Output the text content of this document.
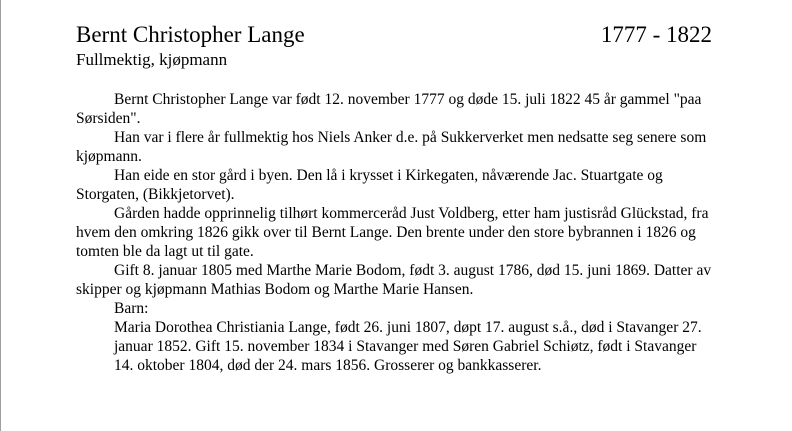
Bernt Christopher Lange	1777 - 1822
Fullmektig, kjøpmann

Bernt Christopher Lange var født 12. november 1777 og døde 15. juli 1822 45 år gammel "paa Sørsiden".

Han var i flere år fullmektig hos Niels Anker d.e. på Sukkerverket men nedsatte seg senere som kjøpmann.

Han eide en stor gård i byen. Den lå i krysset i Kirkegaten, nåværende Jac. Stuartgate og Storgaten, (Bikkjetorvet).

Gården hadde opprinnelig tilhørt kommerceråd Just Voldberg, etter ham justisråd Glückstad, fra hvem den omkring 1826 gikk over til Bernt Lange. Den brente under den store bybrannen i 1826 og tomten ble da lagt ut til gate.

Gift 8. januar 1805 med Marthe Marie Bodom, født 3. august 1786, død 15. juni 1869. Datter av skipper og kjøpmann Mathias Bodom og Marthe Marie Hansen.

Barn:

Maria Dorothea Christiania Lange, født 26. juni 1807, døpt 17. august s.å., død i Stavanger 27. januar 1852. Gift 15. november 1834 i Stavanger med Søren Gabriel Schiøtz, født i Stavanger 14. oktober 1804, død der 24. mars 1856. Grosserer og bankkasserer.
